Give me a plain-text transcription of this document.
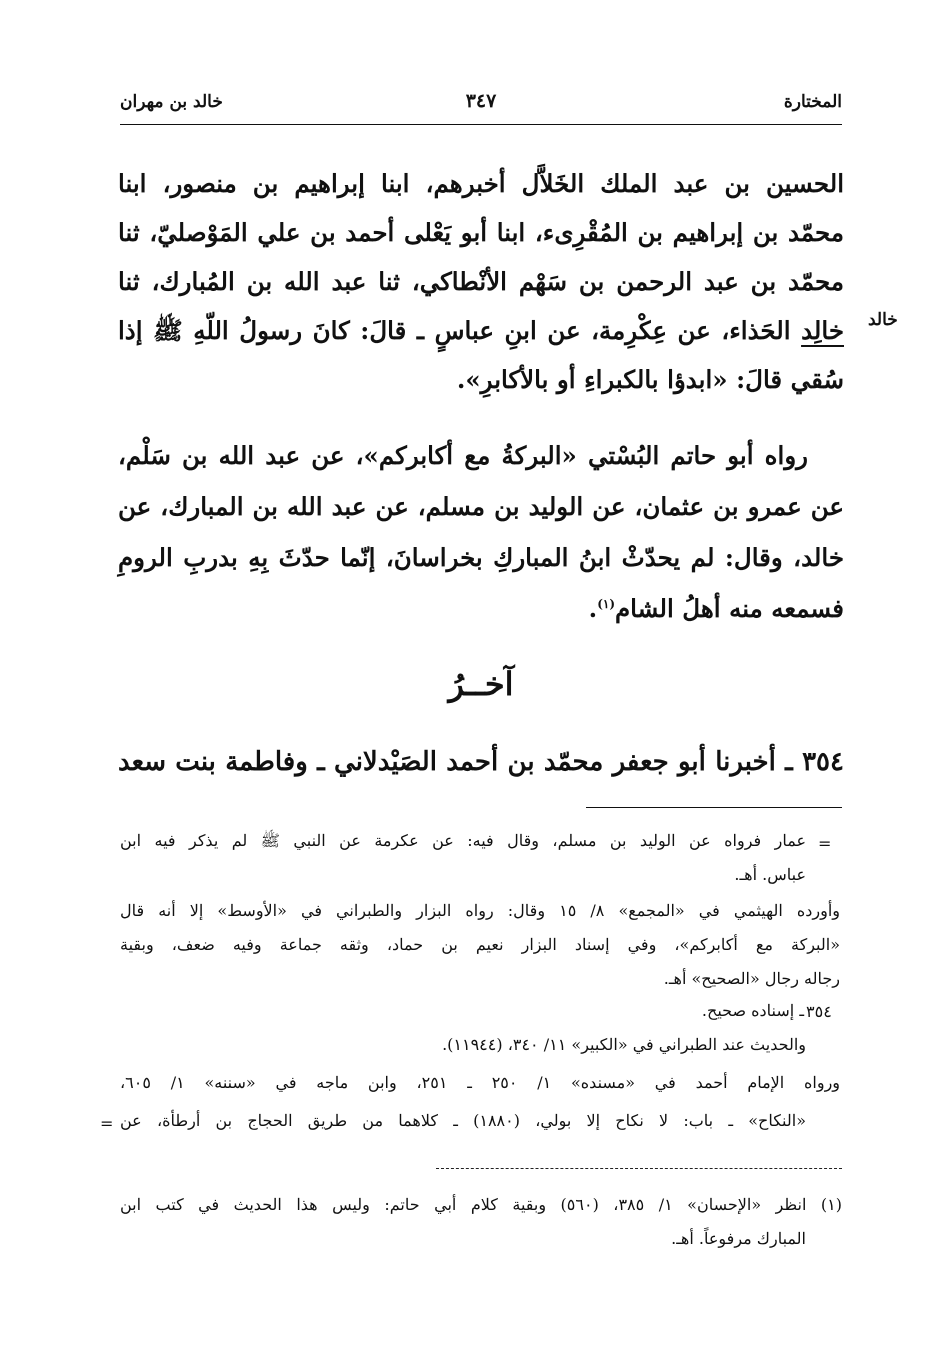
المختارة
٣٤٧
خالد بن مهران
خالد
الحسين بن عبد الملك الخَلاَّل أخبرهم، ابنا إبراهيم بن منصور، ابنا
محمّد بن إبراهيم بن المُقْرِىء، ابنا أبو يَعْلى أحمد بن علي المَوْصليّ، ثنا
محمّد بن عبد الرحمن بن سَهْم الأنْطاكي، ثنا عبد الله بن المُبارك، ثنا
خالِد الحَذاء، عن عِكْرِمة، عن ابنِ عباسٍ ـ قالَ: كانَ رسولُ اللّهِ ﷺ إذا
سُقي قالَ: «ابدؤا بالكبراءِ أو بالأكابرِ».
رواه أبو حاتم البُسْتي «البركةُ مع أكابركم»، عن عبد الله بن سَلْم،
عن عمرو بن عثمان، عن الوليد بن مسلم، عن عبد الله بن المبارك، عن
خالد، وقال: لم يحدّثْ ابنُ المباركِ بخراسانَ، إنّما حدّثَ بِهِ بدربِ الرومِ
فسمعه منه أهلُ الشام$^{(١)}$.
آخــرُ
٣٥٤ ـ أخبرنا أبو جعفر محمّد بن أحمد الصَيْدلاني ـ وفاطمة بنت سعد
=
عمار فرواه عن الوليد بن مسلم، وقال فيه: عن عكرمة عن النبي ﷺ لم يذكر فيه ابن
عباس. أهـ.
وأورده الهيثمي في «المجمع» ٨/ ١٥ وقال: رواه البزار والطبراني في «الأوسط» إلا أنه قال
«البركة مع أكابركم»، وفي إسناد البزار نعيم بن حماد، وثقه جماعة وفيه ضعف، وبقية
رجاله رجال «الصحيح» أهـ.
٣٥٤
ـ إسناده صحيح.
والحديث عند الطبراني في «الكبير» ١١/ ٣٤٠، (١١٩٤٤).
ورواه الإمام أحمد في «مسنده» ١/ ٢٥٠ ـ ٢٥١، وابن ماجه في «سننه» ١/ ٦٠٥،
«النكاح» ـ باب: لا نكاح إلا بولي، (١٨٨٠) ـ كلاهما من طريق الحجاج بن أرطأة، عن
=
(١) انظر «الإحسان» ١/ ٣٨٥، (٥٦٠) وبقية كلام أبي حاتم: وليس هذا الحديث في كتب ابن
المبارك مرفوعاً. أهـ.
